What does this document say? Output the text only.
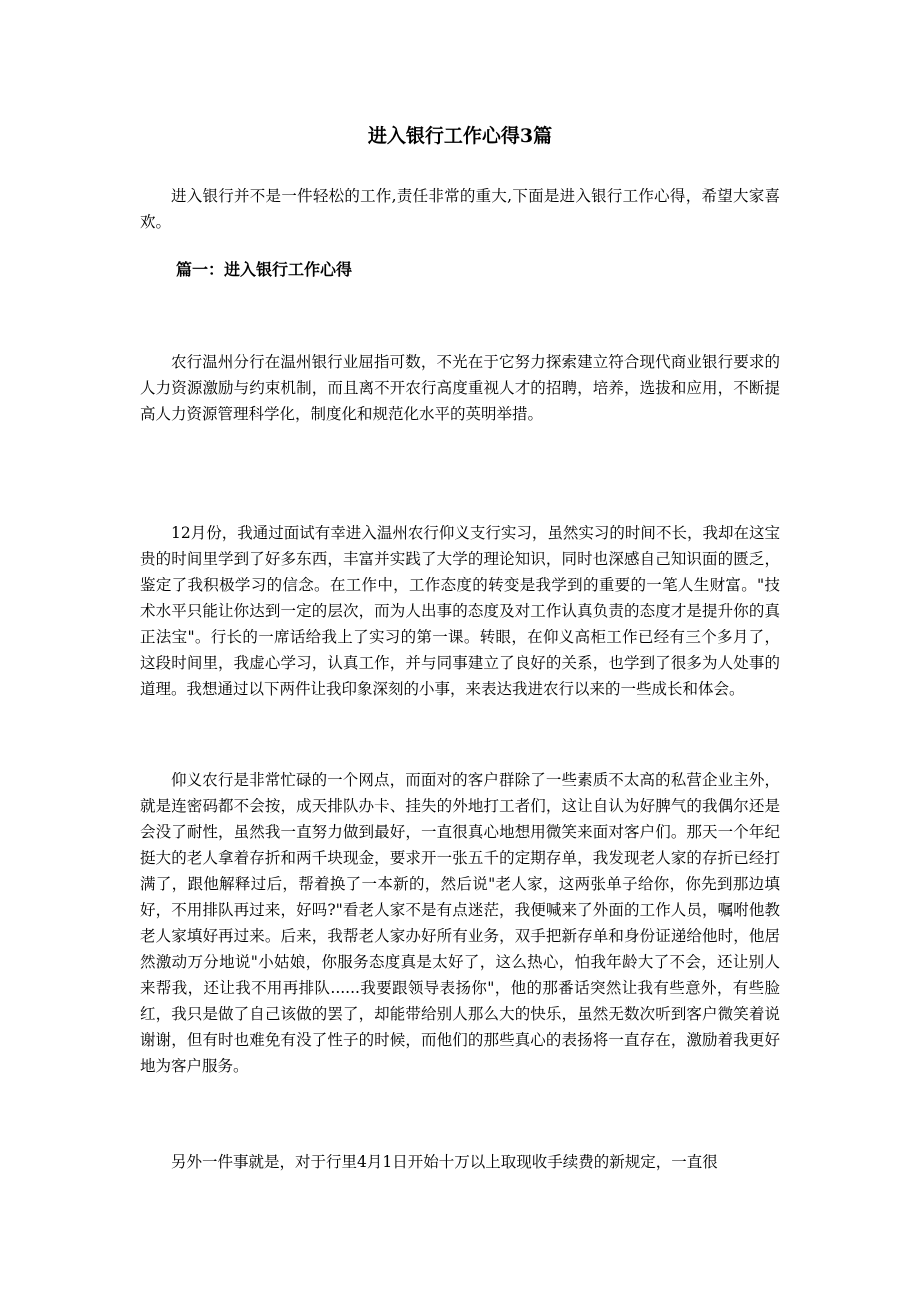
进入银行工作心得3篇

进入银行并不是一件轻松的工作,责任非常的重大,下面是进入银行工作心得，希望大家喜欢。

篇一：进入银行工作心得

农行温州分行在温州银行业屈指可数，不光在于它努力探索建立符合现代商业银行要求的人力资源激励与约束机制，而且离不开农行高度重视人才的招聘，培养，选拔和应用，不断提高人力资源管理科学化，制度化和规范化水平的英明举措。

12月份，我通过面试有幸进入温州农行仰义支行实习，虽然实习的时间不长，我却在这宝贵的时间里学到了好多东西，丰富并实践了大学的理论知识，同时也深感自己知识面的匮乏，鉴定了我积极学习的信念。在工作中，工作态度的转变是我学到的重要的一笔人生财富。"技术水平只能让你达到一定的层次，而为人出事的态度及对工作认真负责的态度才是提升你的真正法宝"。行长的一席话给我上了实习的第一课。转眼，在仰义高柜工作已经有三个多月了，这段时间里，我虚心学习，认真工作，并与同事建立了良好的关系，也学到了很多为人处事的道理。我想通过以下两件让我印象深刻的小事，来表达我进农行以来的一些成长和体会。

仰义农行是非常忙碌的一个网点，而面对的客户群除了一些素质不太高的私营企业主外，就是连密码都不会按，成天排队办卡、挂失的外地打工者们，这让自认为好脾气的我偶尔还是会没了耐性，虽然我一直努力做到最好，一直很真心地想用微笑来面对客户们。那天一个年纪挺大的老人拿着存折和两千块现金，要求开一张五千的定期存单，我发现老人家的存折已经打满了，跟他解释过后，帮着换了一本新的，然后说"老人家，这两张单子给你，你先到那边填好，不用排队再过来，好吗?"看老人家不是有点迷茫，我便喊来了外面的工作人员，嘱咐他教老人家填好再过来。后来，我帮老人家办好所有业务，双手把新存单和身份证递给他时，他居然激动万分地说"小姑娘，你服务态度真是太好了，这么热心，怕我年龄大了不会，还让别人来帮我，还让我不用再排队......我要跟领导表扬你"，他的那番话突然让我有些意外，有些脸红，我只是做了自己该做的罢了，却能带给别人那么大的快乐，虽然无数次听到客户微笑着说谢谢，但有时也难免有没了性子的时候，而他们的那些真心的表扬将一直存在，激励着我更好地为客户服务。

另外一件事就是，对于行里4月1日开始十万以上取现收手续费的新规定，一直很
